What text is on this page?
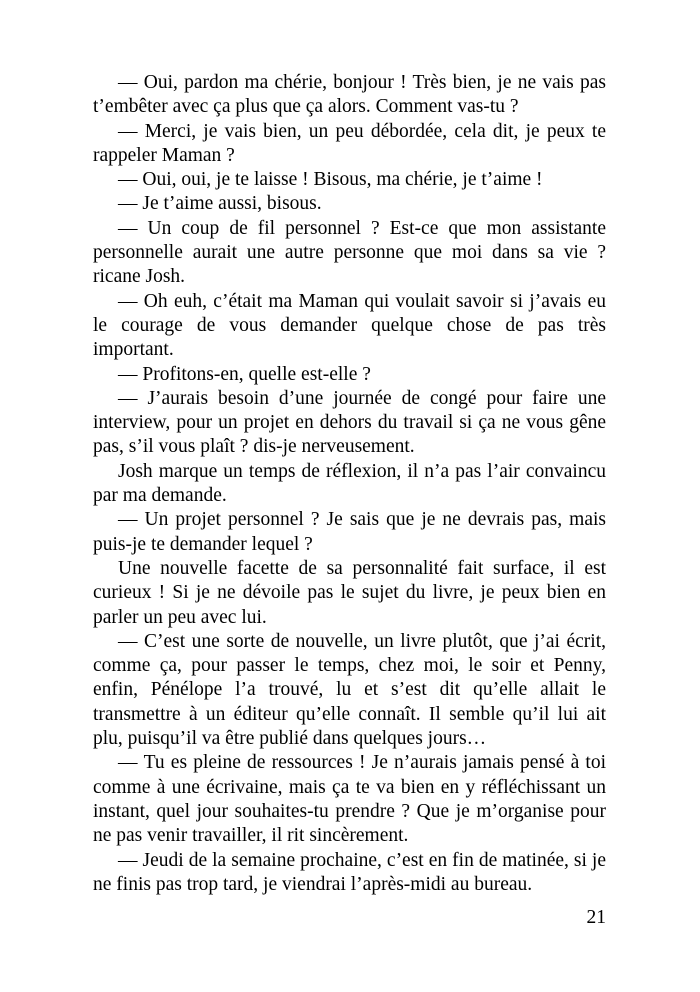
— Oui, pardon ma chérie, bonjour ! Très bien, je ne vais pas t’embêter avec ça plus que ça alors. Comment vas-tu ?

— Merci, je vais bien, un peu débordée, cela dit, je peux te rappeler Maman ?

— Oui, oui, je te laisse ! Bisous, ma chérie, je t’aime !

— Je t’aime aussi, bisous.

— Un coup de fil personnel ? Est-ce que mon assistante personnelle aurait une autre personne que moi dans sa vie ? ricane Josh.

— Oh euh, c’était ma Maman qui voulait savoir si j’avais eu le courage de vous demander quelque chose de pas très important.

— Profitons-en, quelle est-elle ?

— J’aurais besoin d’une journée de congé pour faire une interview, pour un projet en dehors du travail si ça ne vous gêne pas, s’il vous plaît ? dis-je nerveusement.

Josh marque un temps de réflexion, il n’a pas l’air convaincu par ma demande.

— Un projet personnel ? Je sais que je ne devrais pas, mais puis-je te demander lequel ?

Une nouvelle facette de sa personnalité fait surface, il est curieux ! Si je ne dévoile pas le sujet du livre, je peux bien en parler un peu avec lui.

— C’est une sorte de nouvelle, un livre plutôt, que j’ai écrit, comme ça, pour passer le temps, chez moi, le soir et Penny, enfin, Pénélope l’a trouvé, lu et s’est dit qu’elle allait le transmettre à un éditeur qu’elle connaît. Il semble qu’il lui ait plu, puisqu’il va être publié dans quelques jours…

— Tu es pleine de ressources ! Je n’aurais jamais pensé à toi comme à une écrivaine, mais ça te va bien en y réfléchissant un instant, quel jour souhaites-tu prendre ? Que je m’organise pour ne pas venir travailler, il rit sincèrement.

— Jeudi de la semaine prochaine, c’est en fin de matinée, si je ne finis pas trop tard, je viendrai l’après-midi au bureau.

21
